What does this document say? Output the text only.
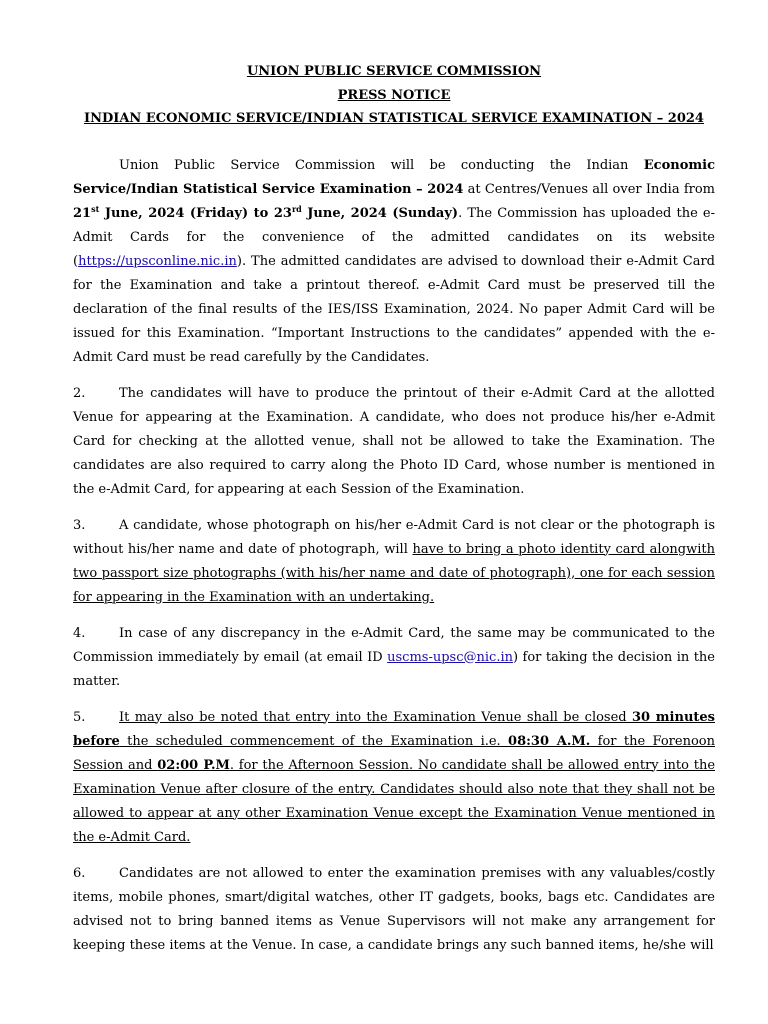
UNION PUBLIC SERVICE COMMISSION

PRESS NOTICE

INDIAN ECONOMIC SERVICE/INDIAN STATISTICAL SERVICE EXAMINATION – 2024

Union Public Service Commission will be conducting the Indian Economic Service/Indian Statistical Service Examination – 2024 at Centres/Venues all over India from 21st June, 2024 (Friday) to 23rd June, 2024 (Sunday). The Commission has uploaded the e-Admit Cards for the convenience of the admitted candidates on its website (https://upsconline.nic.in). The admitted candidates are advised to download their e-Admit Card for the Examination and take a printout thereof. e-Admit Card must be preserved till the declaration of the final results of the IES/ISS Examination, 2024. No paper Admit Card will be issued for this Examination. “Important Instructions to the candidates” appended with the e-Admit Card must be read carefully by the Candidates.

2.	The candidates will have to produce the printout of their e-Admit Card at the allotted Venue for appearing at the Examination. A candidate, who does not produce his/her e-Admit Card for checking at the allotted venue, shall not be allowed to take the Examination. The candidates are also required to carry along the Photo ID Card, whose number is mentioned in the e-Admit Card, for appearing at each Session of the Examination.

3.	A candidate, whose photograph on his/her e-Admit Card is not clear or the photograph is without his/her name and date of photograph, will have to bring a photo identity card alongwith two passport size photographs (with his/her name and date of photograph), one for each session for appearing in the Examination with an undertaking.

4.	In case of any discrepancy in the e-Admit Card, the same may be communicated to the Commission immediately by email (at email ID uscms-upsc@nic.in) for taking the decision in the matter.

5.	It may also be noted that entry into the Examination Venue shall be closed 30 minutes before the scheduled commencement of the Examination i.e. 08:30 A.M. for the Forenoon Session and 02:00 P.M. for the Afternoon Session. No candidate shall be allowed entry into the Examination Venue after closure of the entry. Candidates should also note that they shall not be allowed to appear at any other Examination Venue except the Examination Venue mentioned in the e-Admit Card.

6.	Candidates are not allowed to enter the examination premises with any valuables/costly items, mobile phones, smart/digital watches, other IT gadgets, books, bags etc. Candidates are advised not to bring banned items as Venue Supervisors will not make any arrangement for keeping these items at the Venue. In case, a candidate brings any such banned items, he/she will
